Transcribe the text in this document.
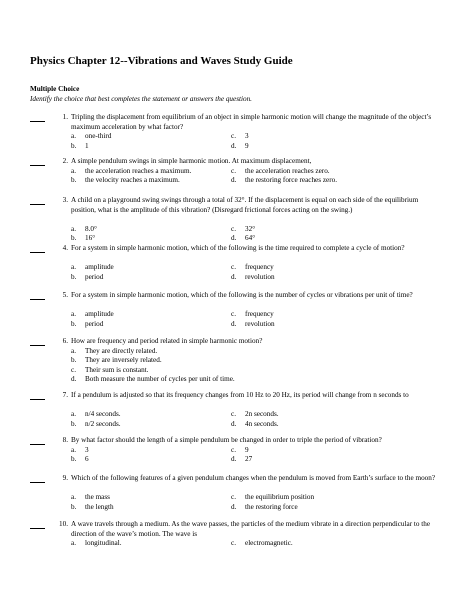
Physics Chapter 12--Vibrations and Waves Study Guide
Multiple Choice
Identify the choice that best completes the statement or answers the question.
1. Tripling the displacement from equilibrium of an object in simple harmonic motion will change the magnitude of the object’s maximum acceleration by what factor?
a. one-third
b. 1
c. 3
d. 9
2. A simple pendulum swings in simple harmonic motion. At maximum displacement,
a. the acceleration reaches a maximum.
b. the velocity reaches a maximum.
c. the acceleration reaches zero.
d. the restoring force reaches zero.
3. A child on a playground swing swings through a total of 32°. If the displacement is equal on each side of the equilibrium position, what is the amplitude of this vibration? (Disregard frictional forces acting on the swing.)
a. 8.0°
b. 16°
c. 32°
d. 64°
4. For a system in simple harmonic motion, which of the following is the time required to complete a cycle of motion?
a. amplitude
b. period
c. frequency
d. revolution
5. For a system in simple harmonic motion, which of the following is the number of cycles or vibrations per unit of time?
a. amplitude
b. period
c. frequency
d. revolution
6. How are frequency and period related in simple harmonic motion?
a. They are directly related.
b. They are inversely related.
c. Their sum is constant.
d. Both measure the number of cycles per unit of time.
7. If a pendulum is adjusted so that its frequency changes from 10 Hz to 20 Hz, its period will change from n seconds to
a. n/4 seconds.
b. n/2 seconds.
c. 2n seconds.
d. 4n seconds.
8. By what factor should the length of a simple pendulum be changed in order to triple the period of vibration?
a. 3
b. 6
c. 9
d. 27
9. Which of the following features of a given pendulum changes when the pendulum is moved from Earth’s surface to the moon?
a. the mass
b. the length
c. the equilibrium position
d. the restoring force
10. A wave travels through a medium. As the wave passes, the particles of the medium vibrate in a direction perpendicular to the direction of the wave’s motion. The wave is
a. longitudinal.	c. electromagnetic.
